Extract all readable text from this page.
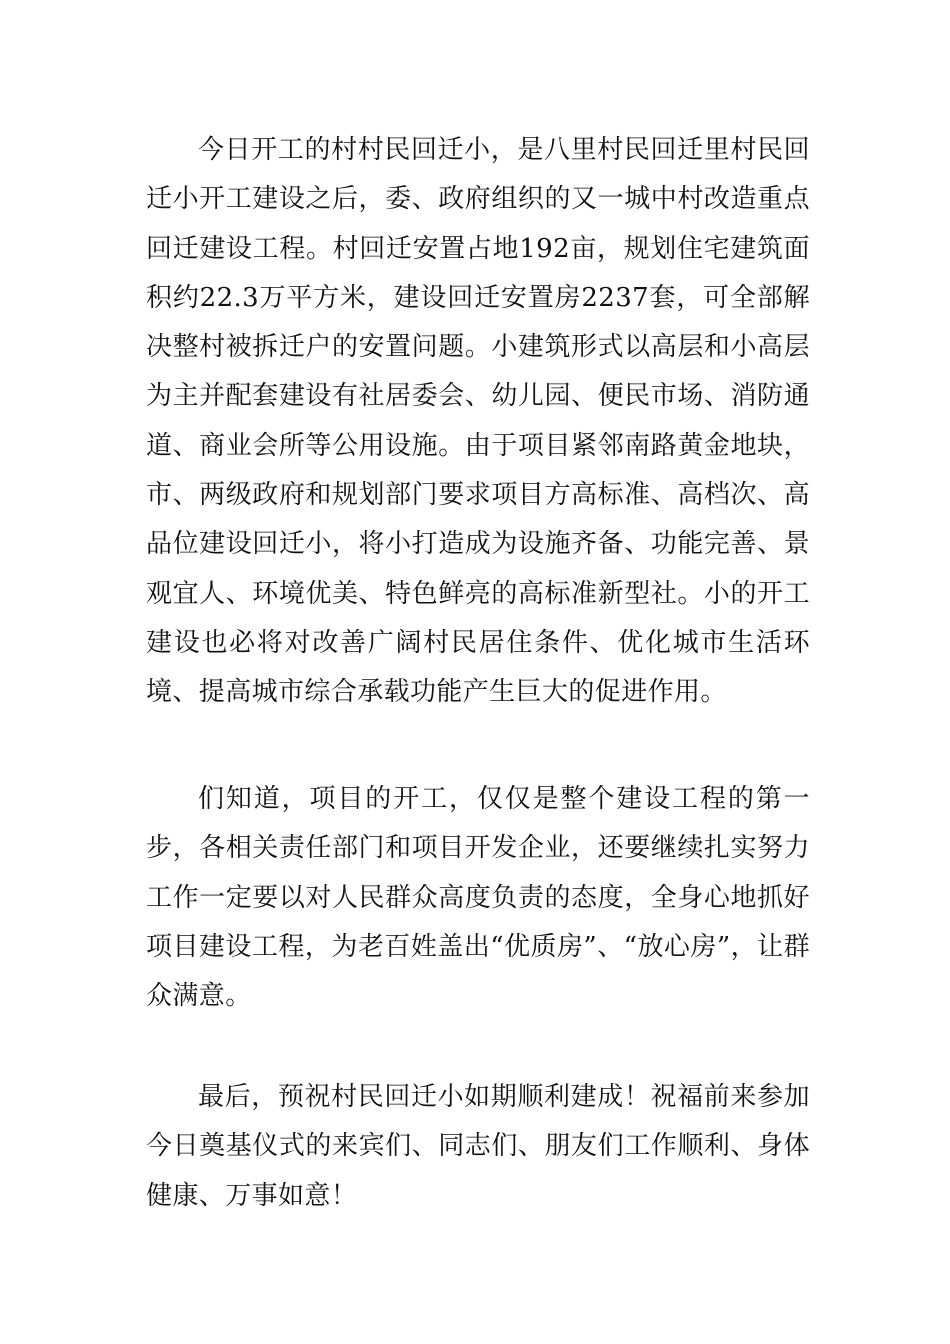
今日开工的村村民回迁小，是八里村民回迁里村民回迁小开工建设之后，委、政府组织的又一城中村改造重点回迁建设工程。村回迁安置占地192亩，规划住宅建筑面积约22.3万平方米，建设回迁安置房2237套，可全部解决整村被拆迁户的安置问题。小建筑形式以高层和小高层为主并配套建设有社居委会、幼儿园、便民市场、消防通道、商业会所等公用设施。由于项目紧邻南路黄金地块，市、两级政府和规划部门要求项目方高标准、高档次、高品位建设回迁小，将小打造成为设施齐备、功能完善、景观宜人、环境优美、特色鲜亮的高标准新型社。小的开工建设也必将对改善广阔村民居住条件、优化城市生活环境、提高城市综合承载功能产生巨大的促进作用。

们知道，项目的开工，仅仅是整个建设工程的第一步，各相关责任部门和项目开发企业，还要继续扎实努力工作一定要以对人民群众高度负责的态度，全身心地抓好项目建设工程，为老百姓盖出“优质房”、“放心房”，让群众满意。

最后，预祝村民回迁小如期顺利建成！祝福前来参加今日奠基仪式的来宾们、同志们、朋友们工作顺利、身体健康、万事如意！
